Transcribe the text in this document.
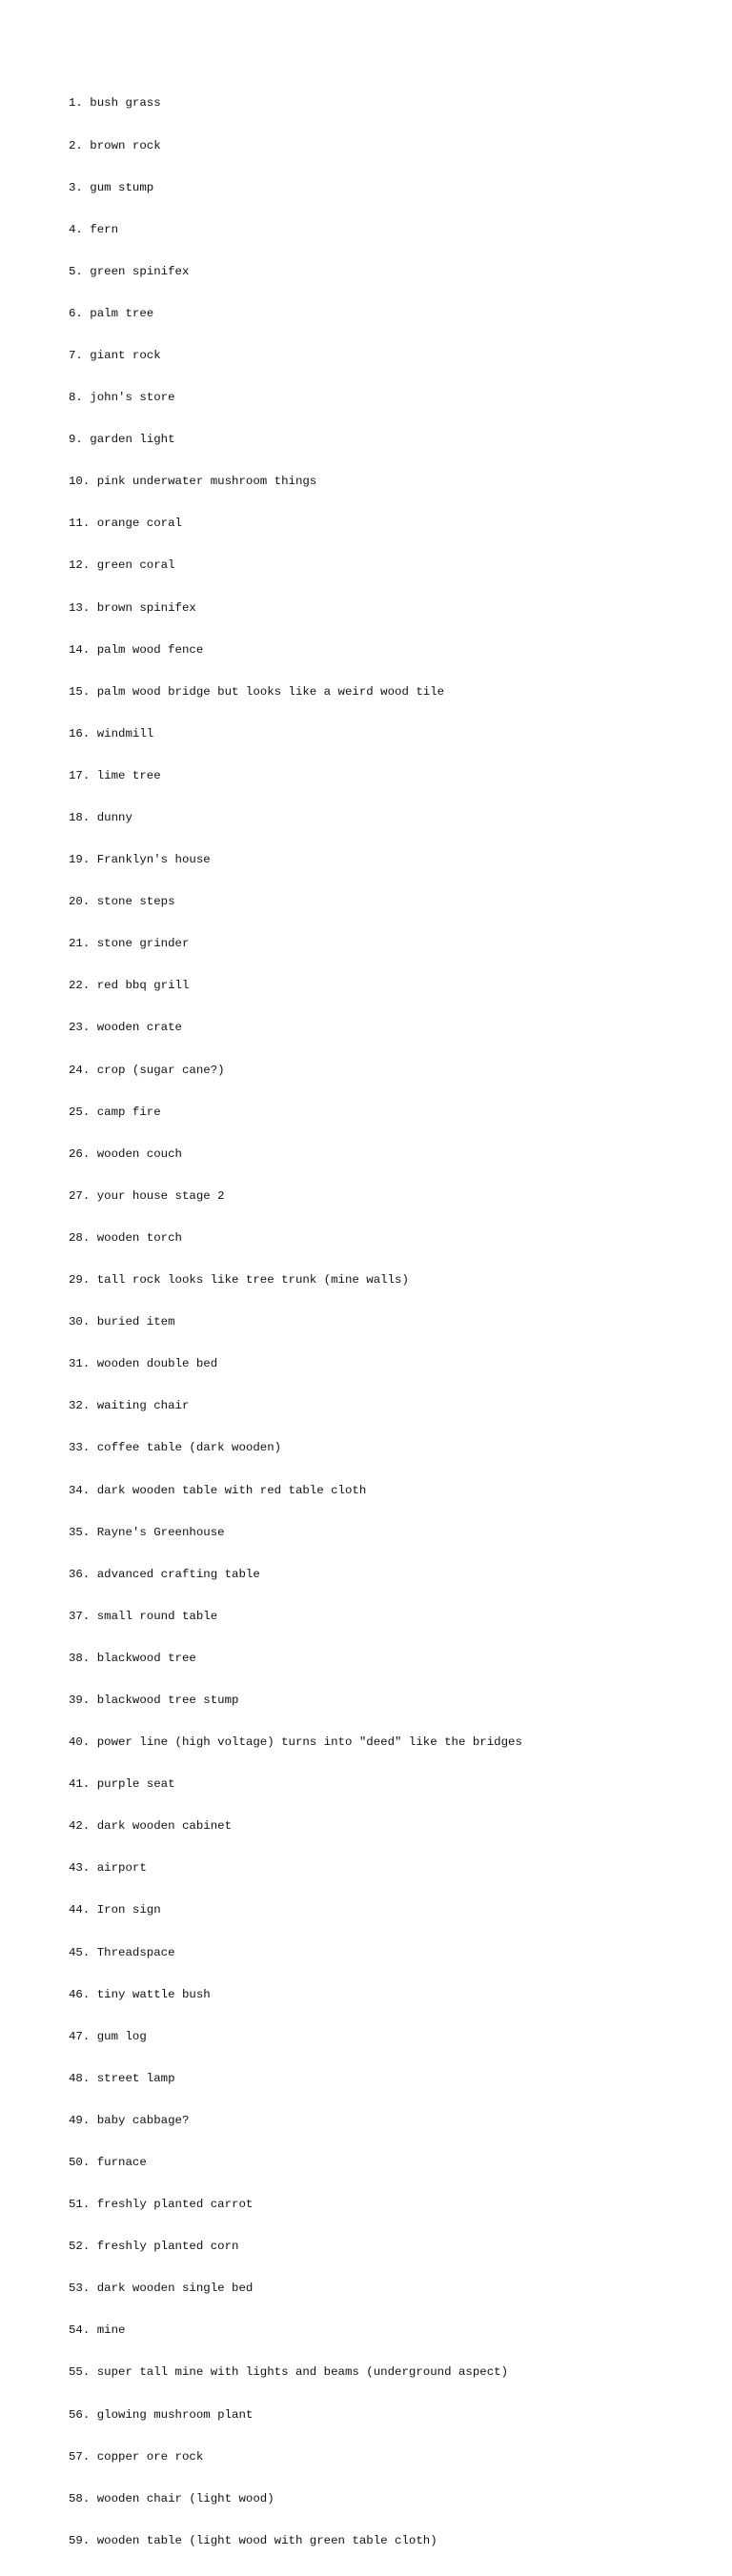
1. bush grass

2. brown rock

3. gum stump

4. fern

5. green spinifex

6. palm tree

7. giant rock

8. john's store

9. garden light

10. pink underwater mushroom things

11. orange coral

12. green coral

13. brown spinifex

14. palm wood fence

15. palm wood bridge but looks like a weird wood tile

16. windmill

17. lime tree

18. dunny

19. Franklyn's house

20. stone steps

21. stone grinder

22. red bbq grill

23. wooden crate

24. crop (sugar cane?)

25. camp fire

26. wooden couch

27. your house stage 2

28. wooden torch

29. tall rock looks like tree trunk (mine walls)

30. buried item

31. wooden double bed

32. waiting chair

33. coffee table (dark wooden)

34. dark wooden table with red table cloth

35. Rayne's Greenhouse

36. advanced crafting table

37. small round table

38. blackwood tree

39. blackwood tree stump

40. power line (high voltage) turns into "deed" like the bridges

41. purple seat

42. dark wooden cabinet

43. airport

44. Iron sign

45. Threadspace

46. tiny wattle bush

47. gum log

48. street lamp

49. baby cabbage?

50. furnace

51. freshly planted carrot

52. freshly planted corn

53. dark wooden single bed

54. mine

55. super tall mine with lights and beams (underground aspect)

56. glowing mushroom plant

57. copper ore rock

58. wooden chair (light wood)

59. wooden table (light wood with green table cloth)
